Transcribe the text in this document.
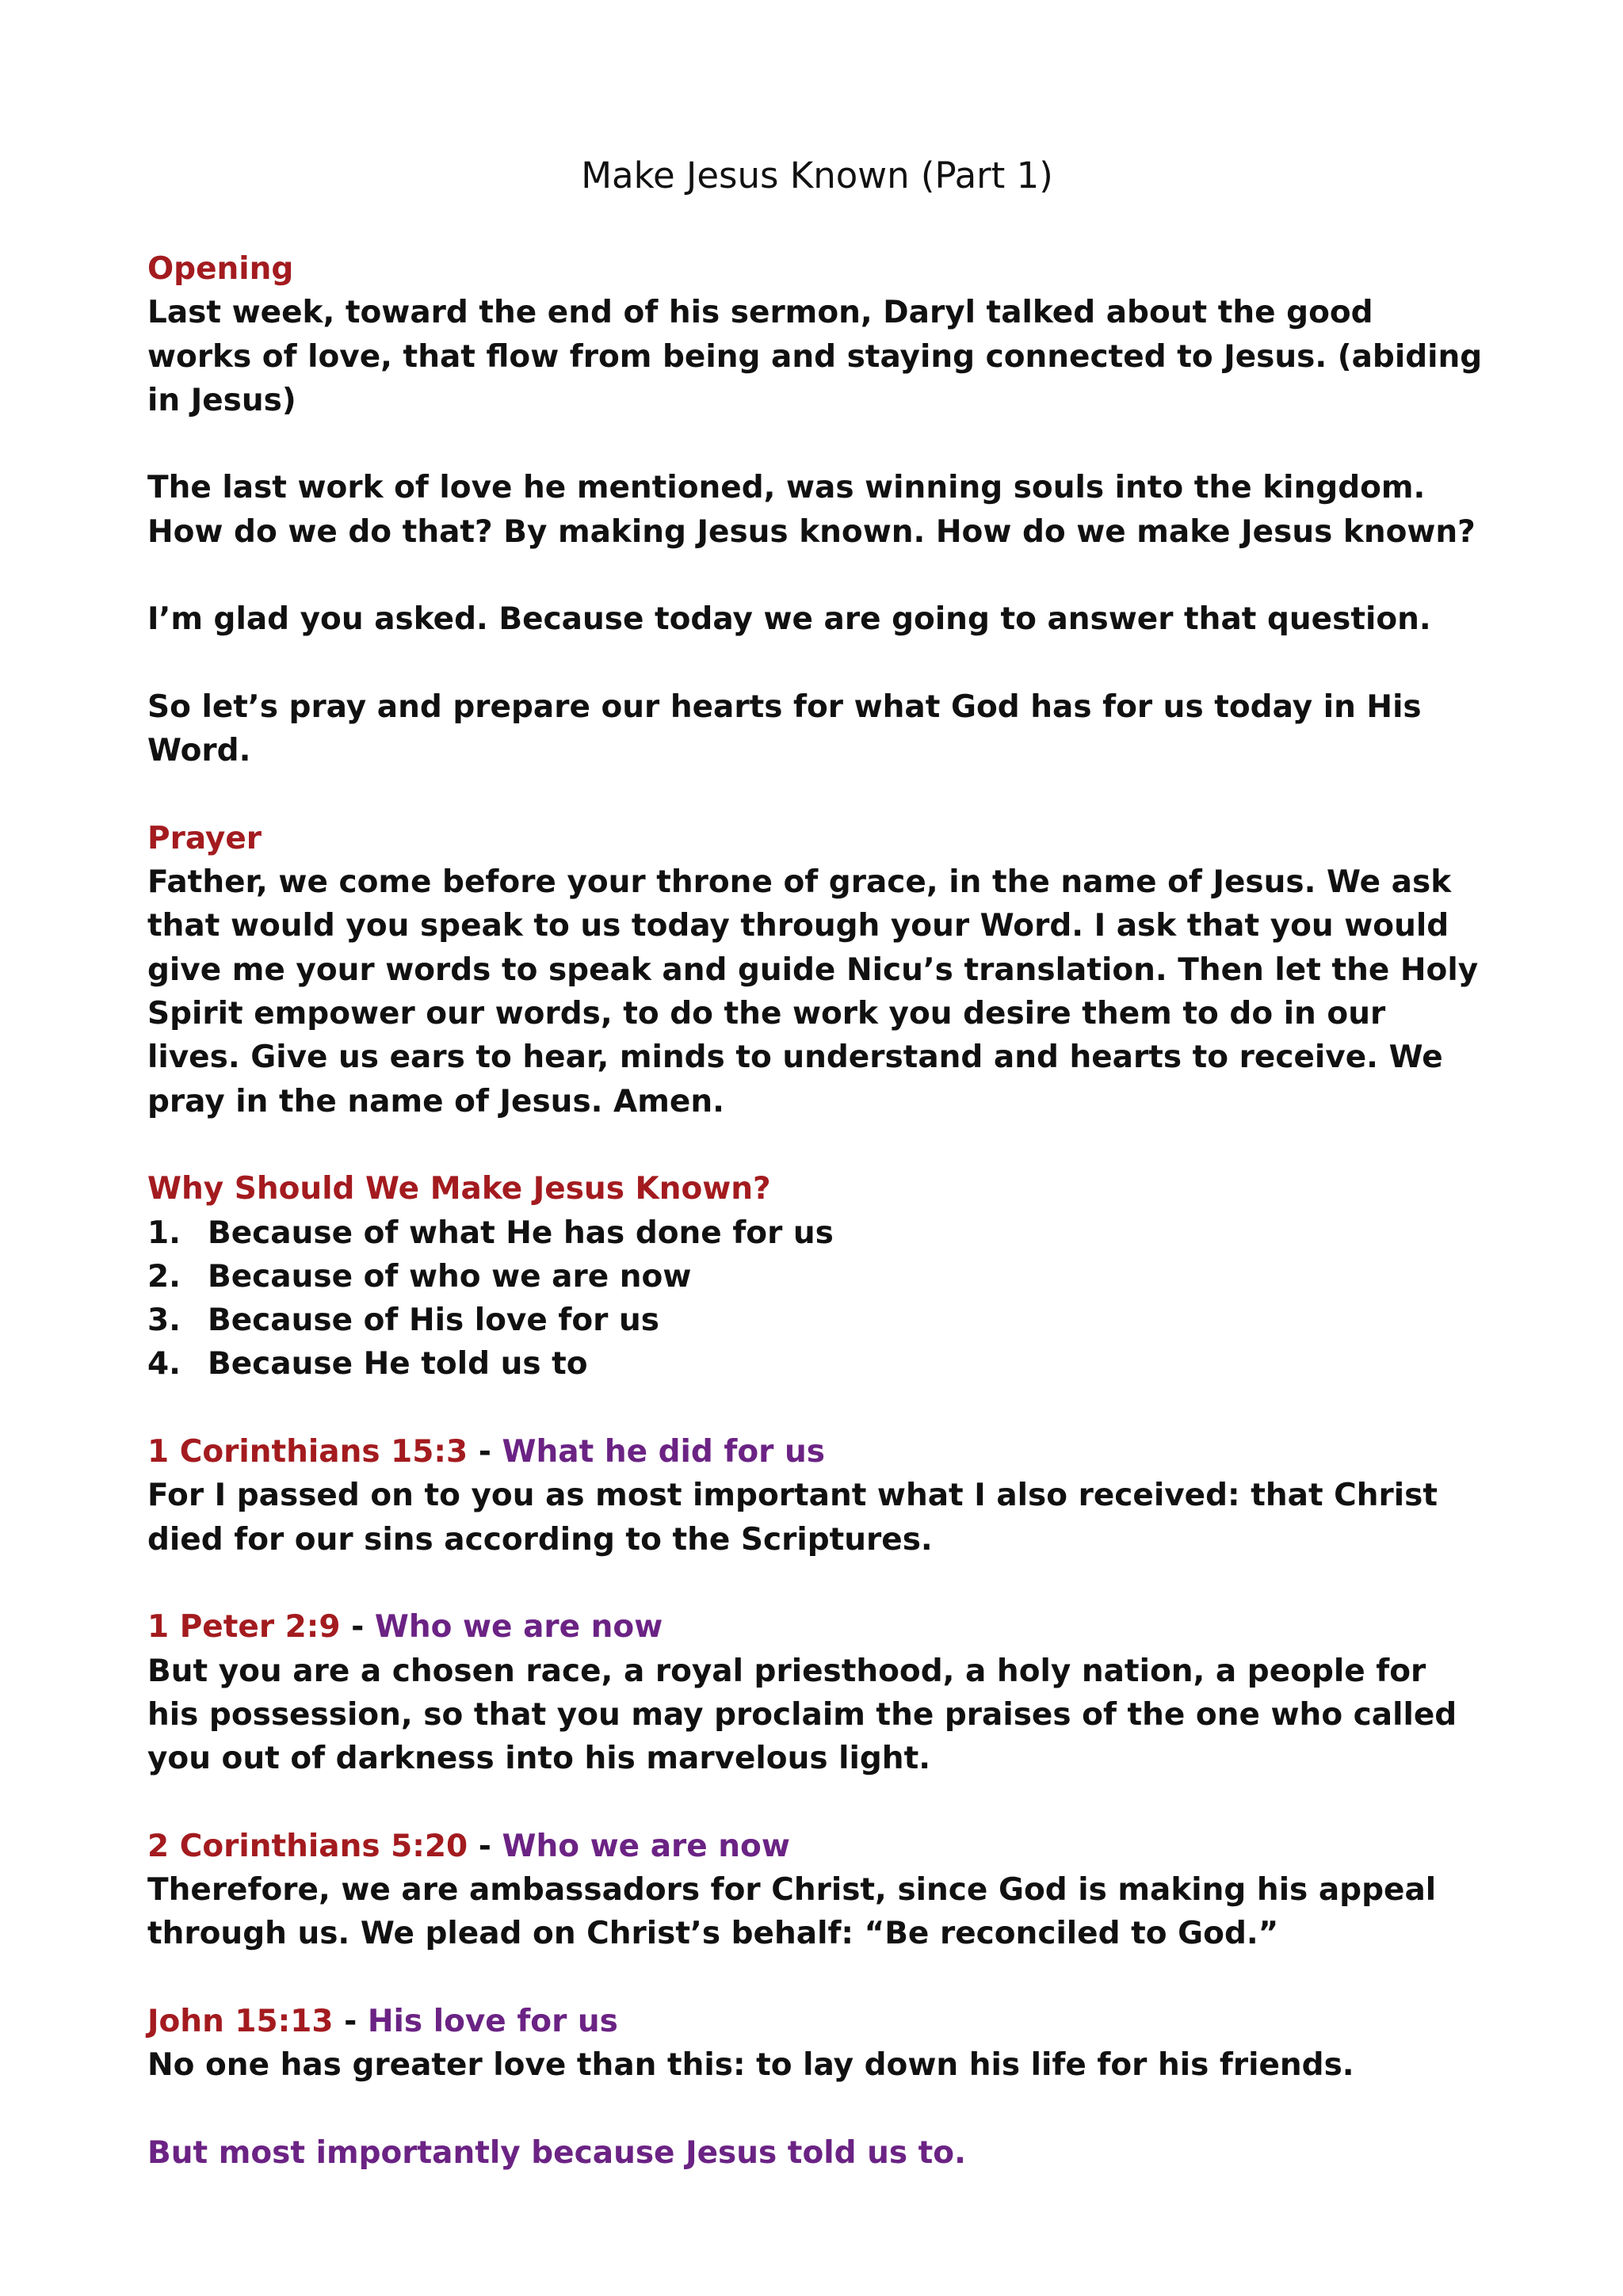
Make Jesus Known (Part 1)

Opening

Last week, toward the end of his sermon, Daryl talked about the good works of love, that flow from being and staying connected to Jesus. (abiding in Jesus)

The last work of love he mentioned, was winning souls into the kingdom. How do we do that? By making Jesus known. How do we make Jesus known?

I’m glad you asked. Because today we are going to answer that question.

So let’s pray and prepare our hearts for what God has for us today in His Word.

Prayer

Father, we come before your throne of grace, in the name of Jesus. We ask that would you speak to us today through your Word. I ask that you would give me your words to speak and guide Nicu’s translation. Then let the Holy Spirit empower our words, to do the work you desire them to do in our lives. Give us ears to hear, minds to understand and hearts to receive. We pray in the name of Jesus. Amen.

Why Should We Make Jesus Known?

1. Because of what He has done for us
2. Because of who we are now
3. Because of His love for us
4. Because He told us to

1 Corinthians 15:3 - What he did for us

For I passed on to you as most important what I also received: that Christ died for our sins according to the Scriptures.

1 Peter 2:9 - Who we are now

But you are a chosen race, a royal priesthood, a holy nation, a people for his possession, so that you may proclaim the praises of the one who called you out of darkness into his marvelous light.

2 Corinthians 5:20 - Who we are now

Therefore, we are ambassadors for Christ, since God is making his appeal through us. We plead on Christ’s behalf: “Be reconciled to God.”

John 15:13 - His love for us

No one has greater love than this: to lay down his life for his friends.

But most importantly because Jesus told us to.
